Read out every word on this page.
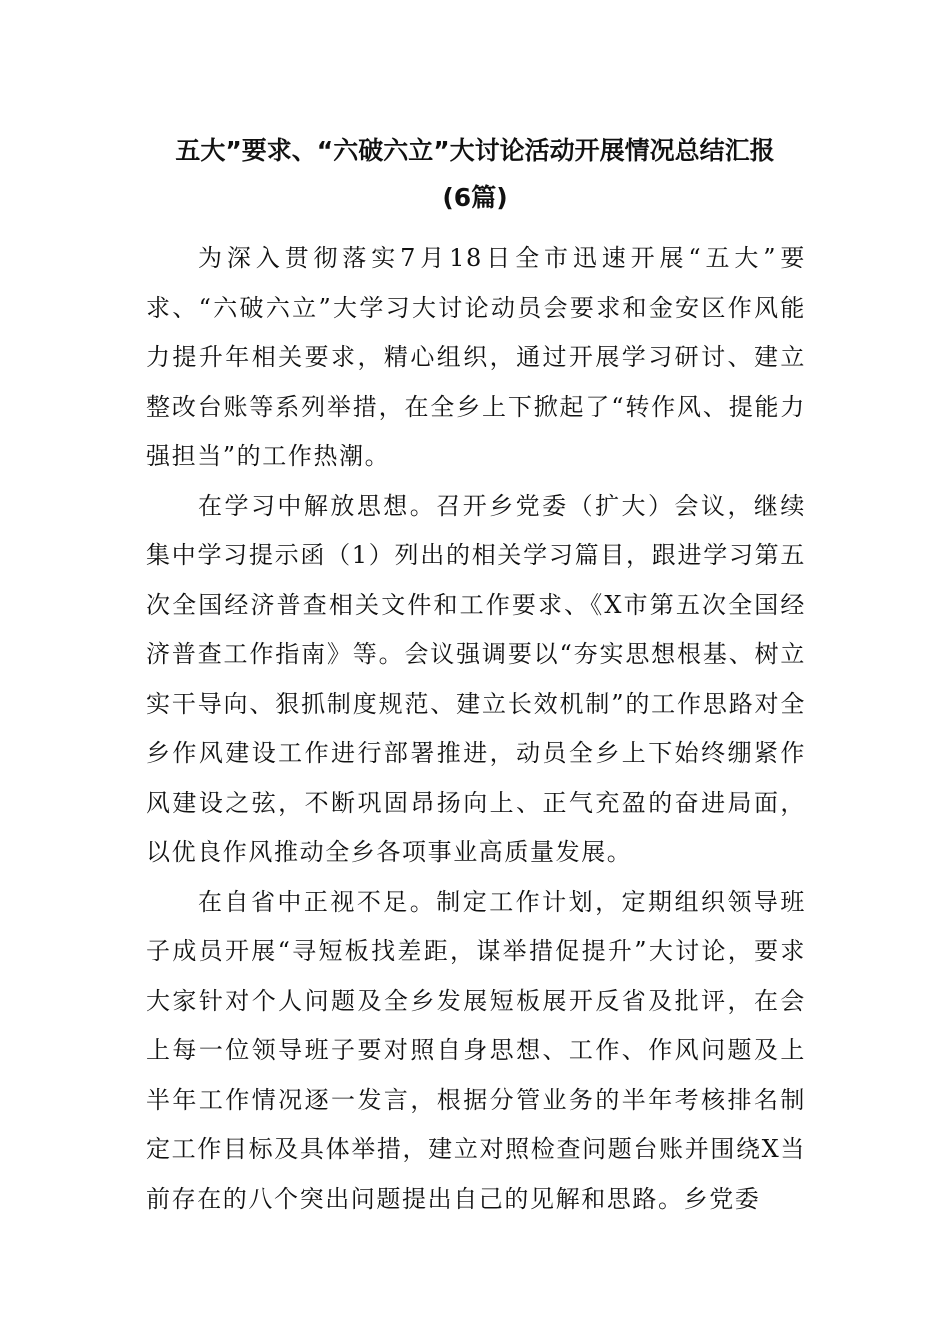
五大”要求、“六破六立”大讨论活动开展情况总结汇报
(6篇)

为深入贯彻落实7月18日全市迅速开展“五大”要求、“六破六立”大学习大讨论动员会要求和金安区作风能力提升年相关要求，精心组织，通过开展学习研讨、建立整改台账等系列举措，在全乡上下掀起了“转作风、提能力强担当”的工作热潮。

在学习中解放思想。召开乡党委（扩大）会议，继续集中学习提示函（1）列出的相关学习篇目，跟进学习第五次全国经济普查相关文件和工作要求、《X市第五次全国经济普查工作指南》等。会议强调要以“夯实思想根基、树立实干导向、狠抓制度规范、建立长效机制”的工作思路对全乡作风建设工作进行部署推进，动员全乡上下始终绷紧作风建设之弦，不断巩固昂扬向上、正气充盈的奋进局面，以优良作风推动全乡各项事业高质量发展。

在自省中正视不足。制定工作计划，定期组织领导班子成员开展“寻短板找差距，谋举措促提升”大讨论，要求大家针对个人问题及全乡发展短板展开反省及批评，在会上每一位领导班子要对照自身思想、工作、作风问题及上半年工作情况逐一发言，根据分管业务的半年考核排名制定工作目标及具体举措，建立对照检查问题台账并围绕X当前存在的八个突出问题提出自己的见解和思路。乡党委
